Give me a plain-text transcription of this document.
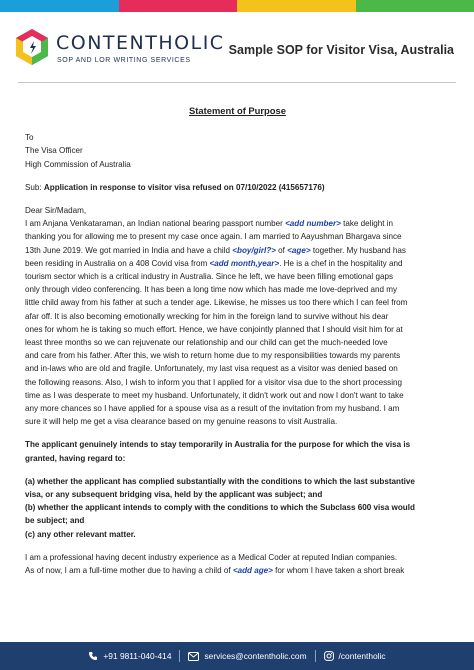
CONTENTHOLIC
SOP AND LOR WRITING SERVICES
Sample SOP for Visitor Visa, Australia
Statement of Purpose
To
The Visa Officer
High Commission of Australia
Sub: Application in response to visitor visa refused on 07/10/2022 (415657176)
Dear Sir/Madam,
I am Anjana Venkataraman, an Indian national bearing passport number <add number> take delight in
thanking you for allowing me to present my case once again. I am married to Aayushman Bhargava since
13th June 2019. We got married in India and have a child <boy/girl?> of <age> together. My husband has
been residing in Australia on a 408 Covid visa from <add month,year>. He is a chef in the hospitality and
tourism sector which is a critical industry in Australia. Since he left, we have been filling emotional gaps
only through video conferencing. It has been a long time now which has made me love-deprived and my
little child away from his father at such a tender age. Likewise, he misses us too there which I can feel from
afar off. It is also becoming emotionally wrecking for him in the foreign land to survive without his dear
ones for whom he is taking so much effort. Hence, we have conjointly planned that I should visit him for at
least three months so we can rejuvenate our relationship and our child can get the much-needed love
and care from his father. After this, we wish to return home due to my responsibilities towards my parents
and in-laws who are old and fragile. Unfortunately, my last visa request as a visitor was denied based on
the following reasons. Also, I wish to inform you that I applied for a visitor visa due to the short processing
time as I was desperate to meet my husband. Unfortunately, it didn't work out and now I don't want to take
any more chances so I have applied for a spouse visa as a result of the invitation from my husband. I am
sure it will help me get a visa clearance based on my genuine reasons to visit Australia.
The applicant genuinely intends to stay temporarily in Australia for the purpose for which the visa is
granted, having regard to:
(a) whether the applicant has complied substantially with the conditions to which the last substantive
visa, or any subsequent bridging visa, held by the applicant was subject; and
(b) whether the applicant intends to comply with the conditions to which the Subclass 600 visa would
be subject; and
(c) any other relevant matter.
I am a professional having decent industry experience as a Medical Coder at reputed Indian companies.
As of now, I am a full-time mother due to having a child of <add age> for whom I have taken a short break
+91 9811-040-414	services@contentholic.com	/contentholic
